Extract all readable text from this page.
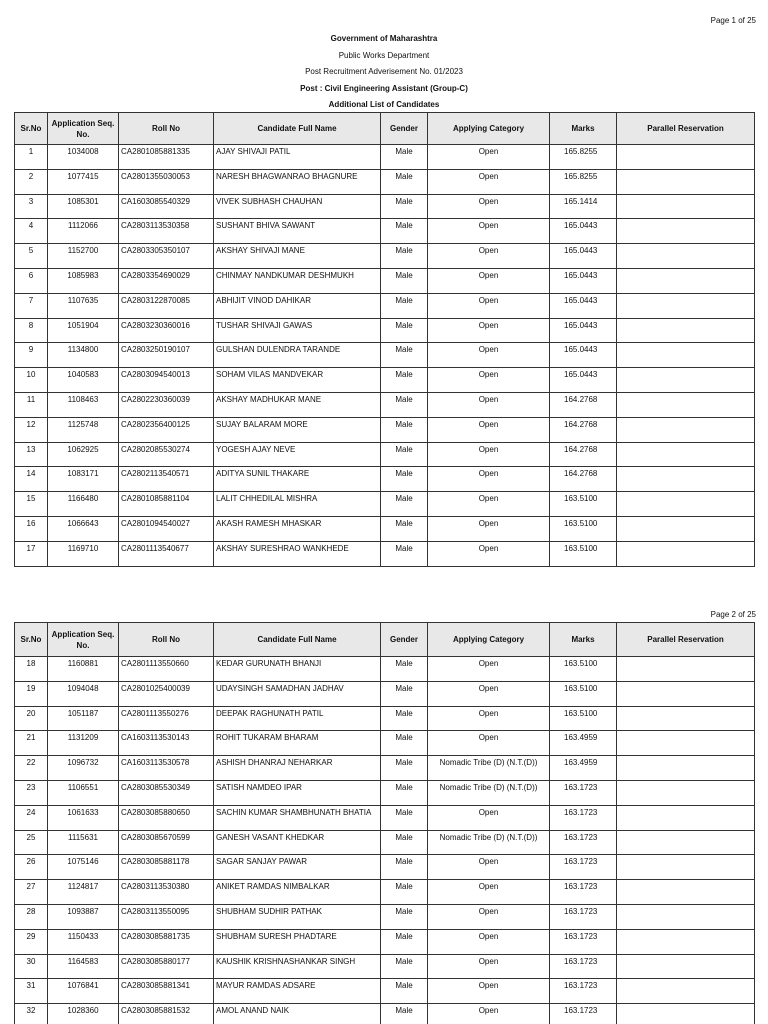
Page 1 of 25
Government of Maharashtra
Public Works Department
Post Recruitment Adverisement No. 01/2023
Post : Civil Engineering Assistant (Group-C)
Additional List of Candidates
Sr.No	Application Seq. No.	Roll No	Candidate Full Name	Gender	Applying Category	Marks	Parallel Reservation
1	1034008	CA2801085881335	AJAY SHIVAJI PATIL	Male	Open	165.8255	
2	1077415	CA2801355030053	NARESH BHAGWANRAO BHAGNURE	Male	Open	165.8255	
3	1085301	CA1603085540329	VIVEK SUBHASH CHAUHAN	Male	Open	165.1414	
4	1112066	CA2803113530358	SUSHANT BHIVA SAWANT	Male	Open	165.0443	
5	1152700	CA2803305350107	AKSHAY SHIVAJI MANE	Male	Open	165.0443	
6	1085983	CA2803354690029	CHINMAY NANDKUMAR DESHMUKH	Male	Open	165.0443	
7	1107635	CA2803122870085	ABHIJIT VINOD DAHIKAR	Male	Open	165.0443	
8	1051904	CA2803230360016	TUSHAR SHIVAJI GAWAS	Male	Open	165.0443	
9	1134800	CA2803250190107	GULSHAN DULENDRA TARANDE	Male	Open	165.0443	
10	1040583	CA2803094540013	SOHAM VILAS MANDVEKAR	Male	Open	165.0443	
11	1108463	CA2802230360039	AKSHAY MADHUKAR MANE	Male	Open	164.2768	
12	1125748	CA2802356400125	SUJAY BALARAM MORE	Male	Open	164.2768	
13	1062925	CA2802085530274	YOGESH AJAY NEVE	Male	Open	164.2768	
14	1083171	CA2802113540571	ADITYA SUNIL THAKARE	Male	Open	164.2768	
15	1166480	CA2801085881104	LALIT CHHEDILAL MISHRA	Male	Open	163.5100	
16	1066643	CA2801094540027	AKASH RAMESH MHASKAR	Male	Open	163.5100	
17	1169710	CA2801113540677	AKSHAY SURESHRAO WANKHEDE	Male	Open	163.5100	
Page 2 of 25
Sr.No	Application Seq. No.	Roll No	Candidate Full Name	Gender	Applying Category	Marks	Parallel Reservation
18	1160881	CA2801113550660	KEDAR GURUNATH BHANJI	Male	Open	163.5100	
19	1094048	CA2801025400039	UDAYSINGH SAMADHAN JADHAV	Male	Open	163.5100	
20	1051187	CA2801113550276	DEEPAK RAGHUNATH PATIL	Male	Open	163.5100	
21	1131209	CA1603113530143	ROHIT TUKARAM BHARAM	Male	Open	163.4959	
22	1096732	CA1603113530578	ASHISH DHANRAJ NEHARKAR	Male	Nomadic Tribe (D) (N.T.(D))	163.4959	
23	1106551	CA2803085530349	SATISH NAMDEO IPAR	Male	Nomadic Tribe (D) (N.T.(D))	163.1723	
24	1061633	CA2803085880650	SACHIN KUMAR SHAMBHUNATH BHATIA	Male	Open	163.1723	
25	1115631	CA2803085670599	GANESH VASANT KHEDKAR	Male	Nomadic Tribe (D) (N.T.(D))	163.1723	
26	1075146	CA2803085881178	SAGAR SANJAY PAWAR	Male	Open	163.1723	
27	1124817	CA2803113530380	ANIKET RAMDAS NIMBALKAR	Male	Open	163.1723	
28	1093887	CA2803113550095	SHUBHAM SUDHIR PATHAK	Male	Open	163.1723	
29	1150433	CA2803085881735	SHUBHAM SURESH PHADTARE	Male	Open	163.1723	
30	1164583	CA2803085880177	KAUSHIK KRISHNASHANKAR SINGH	Male	Open	163.1723	
31	1076841	CA2803085881341	MAYUR RAMDAS ADSARE	Male	Open	163.1723	
32	1028360	CA2803085881532	AMOL ANAND NAIK	Male	Open	163.1723	
